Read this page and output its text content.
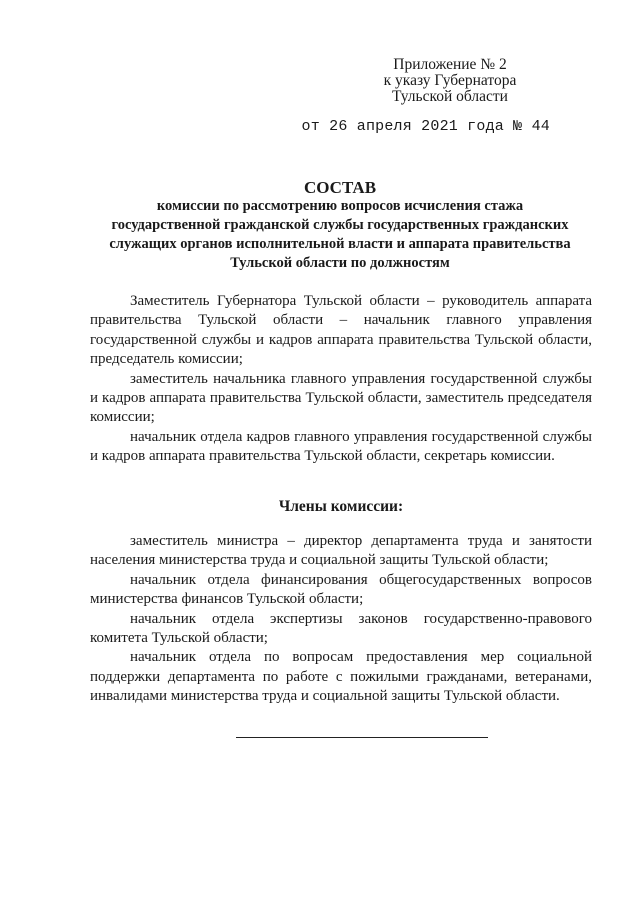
Приложение № 2
к указу Губернатора
Тульской области
от 26 апреля 2021 года № 44
СОСТАВ
комиссии по рассмотрению вопросов исчисления стажа
государственной гражданской службы государственных гражданских
служащих органов исполнительной власти и аппарата правительства
Тульской области по должностям

Заместитель Губернатора Тульской области – руководитель аппарата правительства Тульской области – начальник главного управления государственной службы и кадров аппарата правительства Тульской области, председатель комиссии;

заместитель начальника главного управления государственной службы и кадров аппарата правительства Тульской области, заместитель председателя комиссии;

начальник отдела кадров главного управления государственной службы и кадров аппарата правительства Тульской области, секретарь комиссии.

Члены комиссии:

заместитель министра – директор департамента труда и занятости населения министерства труда и социальной защиты Тульской области;

начальник отдела финансирования общегосударственных вопросов министерства финансов Тульской области;

начальник отдела экспертизы законов государственно-правового комитета Тульской области;

начальник отдела по вопросам предоставления мер социальной поддержки департамента по работе с пожилыми гражданами, ветеранами, инвалидами министерства труда и социальной защиты Тульской области.
